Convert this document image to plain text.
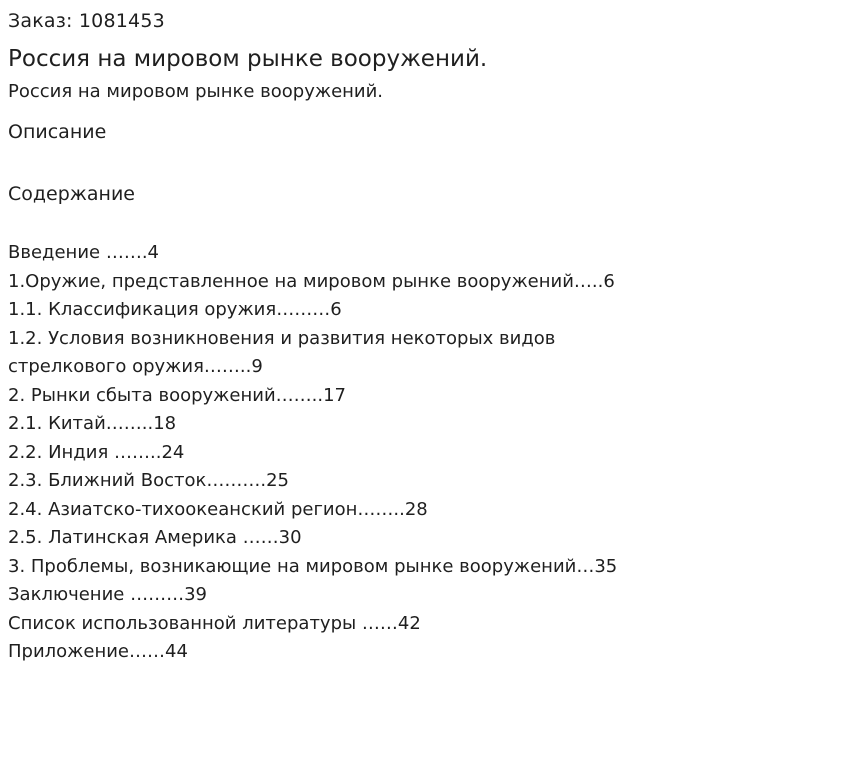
Заказ: 1081453
Россия на мировом рынке вооружений.
Россия на мировом рынке вооружений.
Описание
Содержание
Введение …….4
1.Оружие, представленное на мировом рынке вооружений…..6
1.1. Классификация оружия………6
1.2. Условия возникновения и развития некоторых видов стрелкового оружия……..9
2. Рынки сбыта вооружений……..17
2.1. Китай……..18
2.2. Индия ……..24
2.3. Ближний Восток……….25
2.4. Азиатско-тихоокеанский регион……..28
2.5. Латинская Америка ……30
3. Проблемы, возникающие на мировом рынке вооружений…35
Заключение ………39
Список использованной литературы ……42
Приложение……44
